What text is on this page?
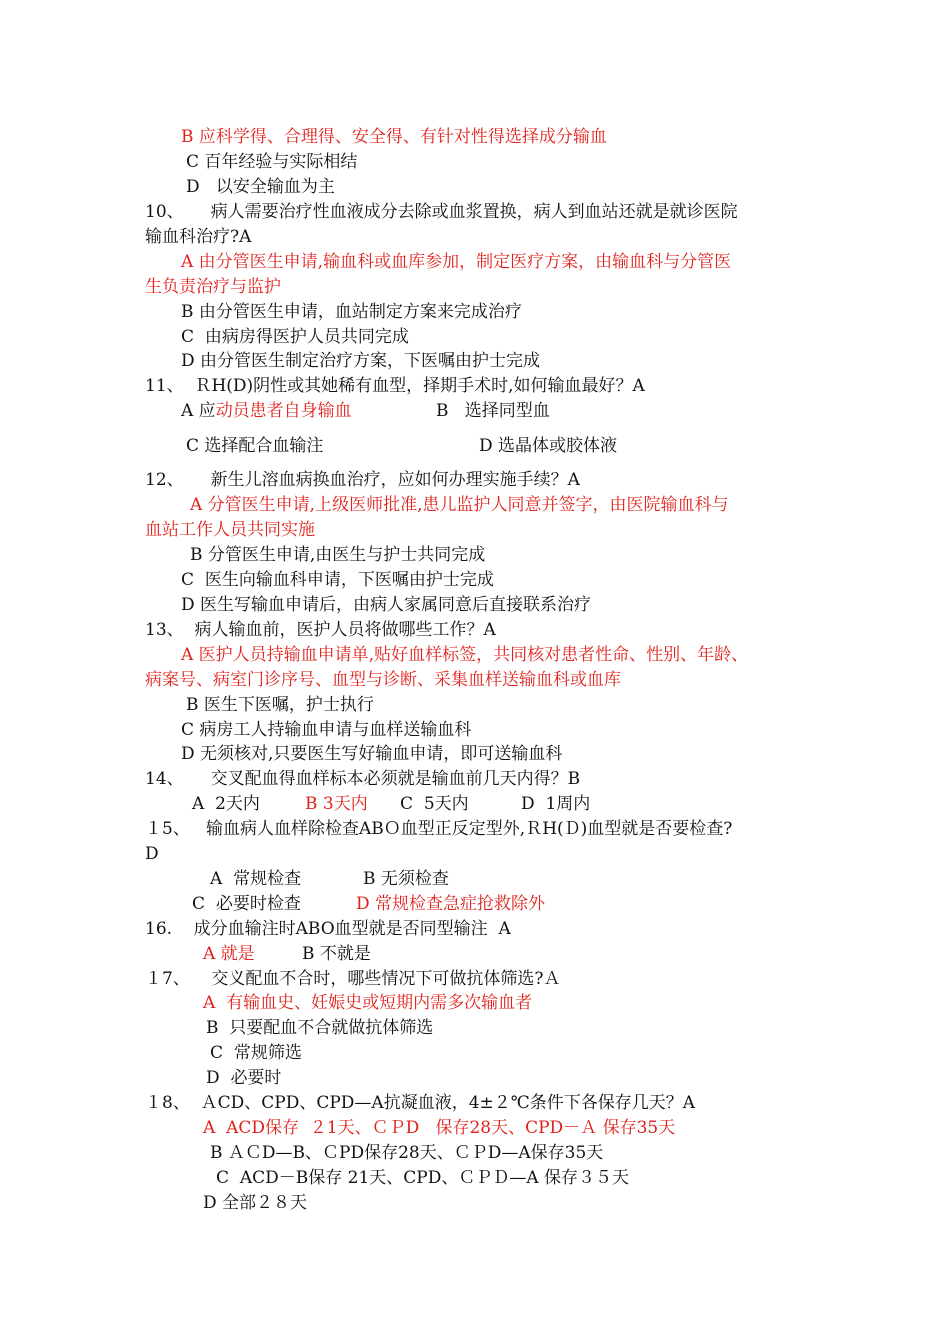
B 应科学得、合理得、安全得、有针对性得选择成分输血
C 百年经验与实际相结
D   以安全输血为主
10、     病人需要治疗性血液成分去除或血浆置换，病人到血站还就是就诊医院
输血科治疗?A
A 由分管医生申请,输血科或血库参加，制定医疗方案，由输血科与分管医
生负责治疗与监护
B 由分管医生申请，血站制定方案来完成治疗
C  由病房得医护人员共同完成
D 由分管医生制定治疗方案，下医嘱由护士完成
11、  ＲH(D)阴性或其她稀有血型，择期手术时,如何输血最好？A
A 应动员患者自身输血	B   选择同型血
C 选择配合血输注	D 选晶体或胶体液
12、     新生儿溶血病换血治疗，应如何办理实施手续？A
A 分管医生申请,上级医师批准,患儿监护人同意并签字，由医院输血科与
血站工作人员共同实施
B 分管医生申请,由医生与护士共同完成
C  医生向输血科申请，下医嘱由护士完成
D 医生写输血申请后，由病人家属同意后直接联系治疗
13、  病人输血前，医护人员将做哪些工作？A
A 医护人员持输血申请单,贴好血样标签，共同核对患者性命、性别、年龄、
病案号、病室门诊序号、血型与诊断、采集血样送输血科或血库
B 医生下医嘱，护士执行
C 病房工人持输血申请与血样送输血科
D 无须核对,只要医生写好输血申请，即可送输血科
14、     交叉配血得血样标本必须就是输血前几天内得？B
A  2天内	B 3天内 C  5天内	D  1周内
１5、   输血病人血样除检查ABＯ血型正反定型外,ＲH(Ｄ)血型就是否要检查?
D
A  常规检查	B 无须检查
C  必要时检查	D 常规检查急症抢救除外
16.    成分血输注时ABO血型就是否同型输注  A
A 就是	B 不就是
１7、    交义配血不合时，哪些情况下可做抗体筛选?Ａ
A  有输血史、妊娠史或短期内需多次输血者
B  只要配血不合就做抗体筛选
C  常规筛选
D  必要时
１8、  ＡCD、CPD、CPD—A抗凝血液，4±２℃条件下各保存几天？A
A  ACD保存  ２1天、ＣＰD   保存28天、CPD－Ａ 保存35天
B ＡＣD—B、ＣPD保存28天、ＣＰD—A保存35天
C  ACD－B保存 21天、CPD、ＣＰＤ—A 保存３５天
D 全部２８天
